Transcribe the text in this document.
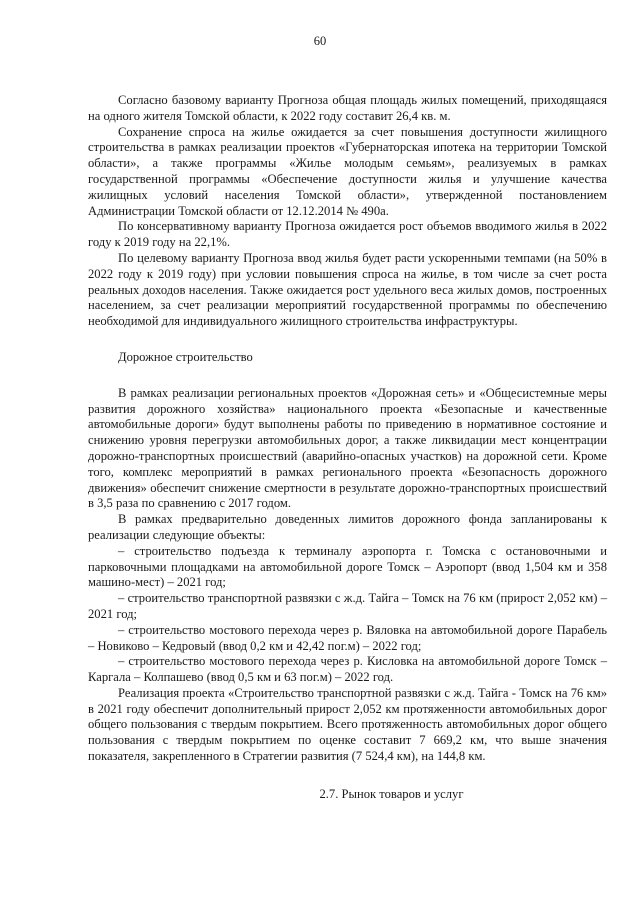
60

Согласно базовому варианту Прогноза общая площадь жилых помещений, приходящаяся на одного жителя Томской области, к 2022 году составит 26,4 кв. м.

Сохранение спроса на жилье ожидается за счет повышения доступности жилищного строительства в рамках реализации проектов «Губернаторская ипотека на территории Томской области», а также программы «Жилье молодым семьям», реализуемых в рамках государственной программы «Обеспечение доступности жилья и улучшение качества жилищных условий населения Томской области», утвержденной постановлением Администрации Томской области от 12.12.2014 № 490а.

По консервативному варианту Прогноза ожидается рост объемов вводимого жилья в 2022 году к 2019 году на 22,1%.

По целевому варианту Прогноза ввод жилья будет расти ускоренными темпами (на 50% в 2022 году к 2019 году) при условии повышения спроса на жилье, в том числе за счет роста реальных доходов населения. Также ожидается рост удельного веса жилых домов, построенных населением, за счет реализации мероприятий государственной программы по обеспечению необходимой для индивидуального жилищного строительства инфраструктуры.

Дорожное строительство

В рамках реализации региональных проектов «Дорожная сеть» и «Общесистемные меры развития дорожного хозяйства» национального проекта «Безопасные и качественные автомобильные дороги» будут выполнены работы по приведению в нормативное состояние и снижению уровня перегрузки автомобильных дорог, а также ликвидации мест концентрации дорожно-транспортных происшествий (аварийно-опасных участков) на дорожной сети. Кроме того, комплекс мероприятий в рамках регионального проекта «Безопасность дорожного движения» обеспечит снижение смертности в результате дорожно-транспортных происшествий в 3,5 раза по сравнению с 2017 годом.

В рамках предварительно доведенных лимитов дорожного фонда запланированы к реализации следующие объекты:

– строительство подъезда к терминалу аэропорта г. Томска с остановочными и парковочными площадками на автомобильной дороге Томск – Аэропорт (ввод 1,504 км и 358 машино-мест) – 2021 год;

– строительство транспортной развязки с ж.д. Тайга – Томск на 76 км (прирост 2,052 км) – 2021 год;

– строительство мостового перехода через р. Вяловка на автомобильной дороге Парабель – Новиково – Кедровый (ввод 0,2 км и 42,42 пог.м) – 2022 год;

– строительство мостового перехода через р. Кисловка на автомобильной дороге Томск – Каргала – Колпашево (ввод 0,5 км и 63 пог.м) – 2022 год.

Реализация проекта «Строительство транспортной развязки с ж.д. Тайга - Томск на 76 км» в 2021 году обеспечит дополнительный прирост 2,052 км протяженности автомобильных дорог общего пользования с твердым покрытием. Всего протяженность автомобильных дорог общего пользования с твердым покрытием по оценке составит 7 669,2 км, что выше значения показателя, закрепленного в Стратегии развития (7 524,4 км), на 144,8 км.

2.7. Рынок товаров и услуг
